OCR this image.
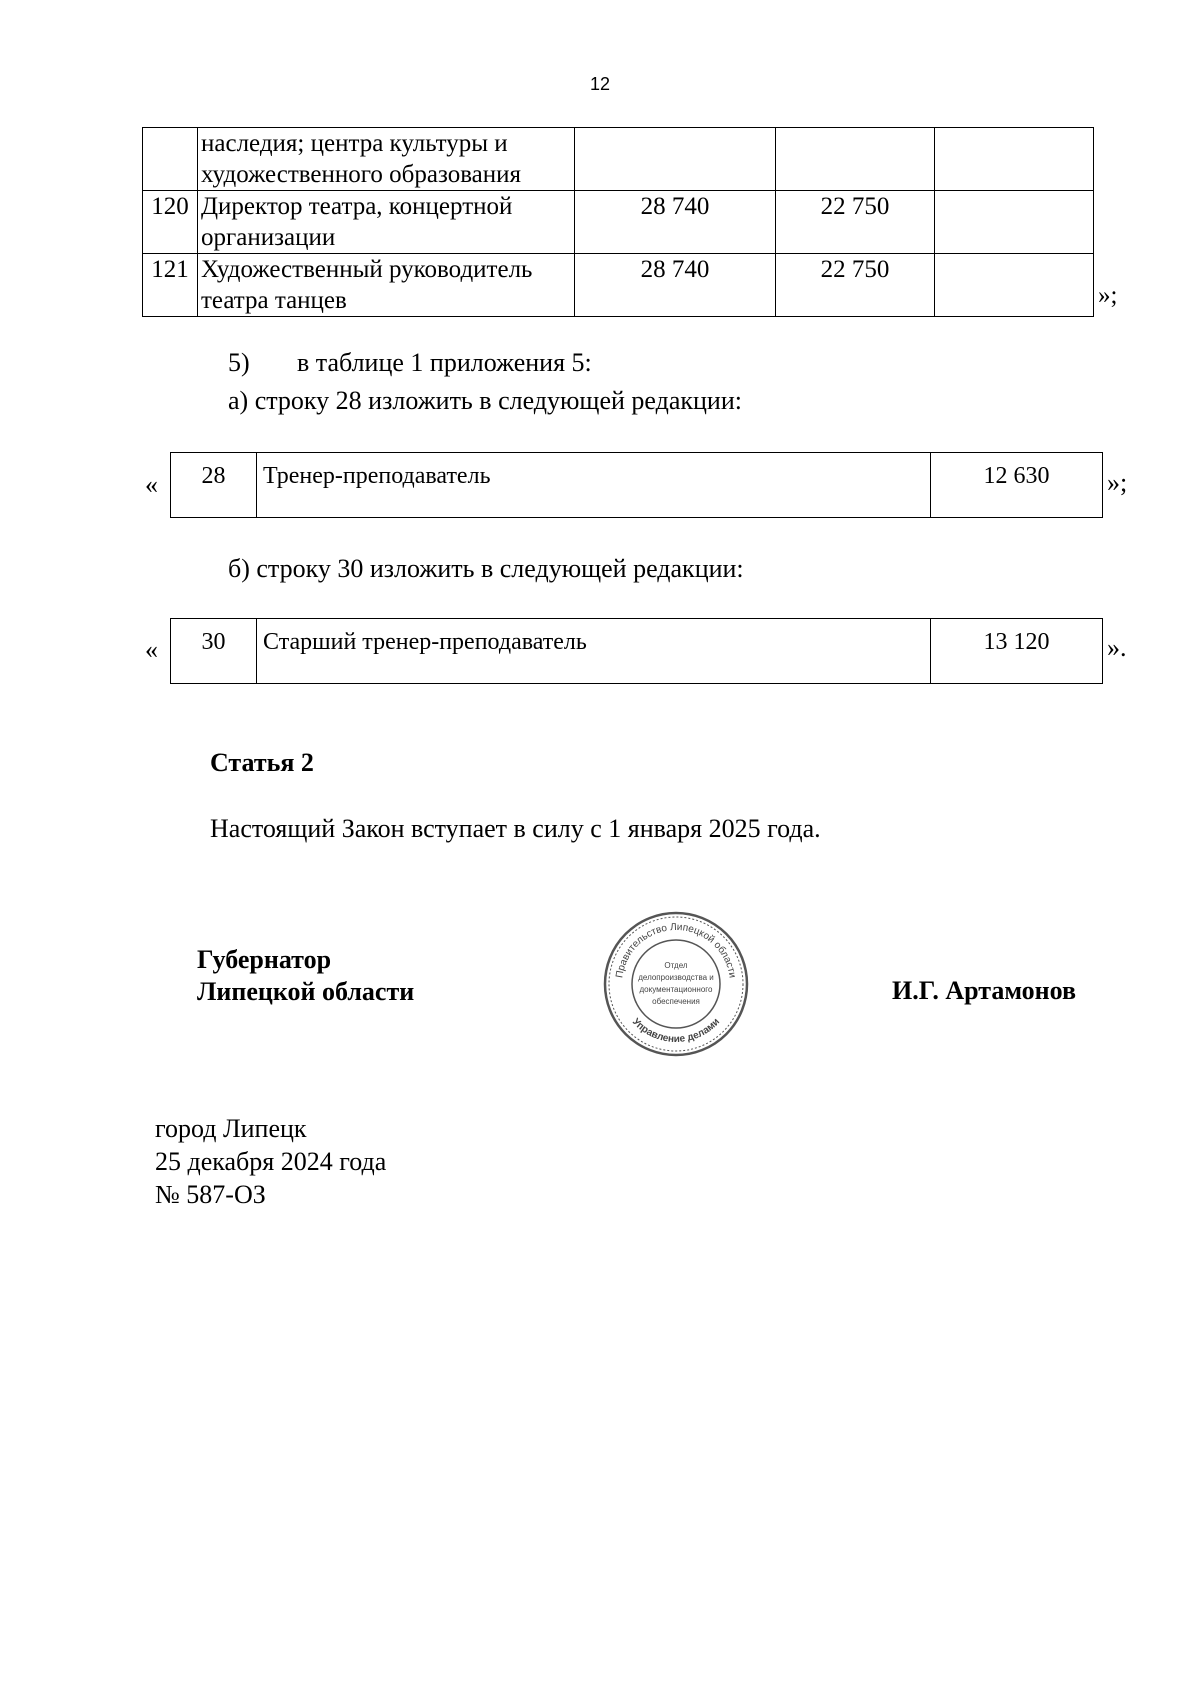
12
	наследия; центра культуры и
художественного образования			
120	Директор театра, концертной
организации	28 740	22 750	
121	Художественный руководитель
театра танцев	28 740	22 750	
»;
5) в таблице 1 приложения 5:
а) строку 28 изложить в следующей редакции:
«	28	Тренер-преподаватель	12 630	»;
б) строку 30 изложить в следующей редакции:
«	30	Старший тренер-преподаватель	13 120	».
Статья 2
Настоящий Закон вступает в силу с 1 января 2025 года.
Губернатор
Липецкой области
Правительство Липецкой области
Управление делами
Отдел
делопроизводства и
документационного
обеспечения	И.Г. Артамонов
город Липецк
25 декабря 2024 года
№ 587-ОЗ
